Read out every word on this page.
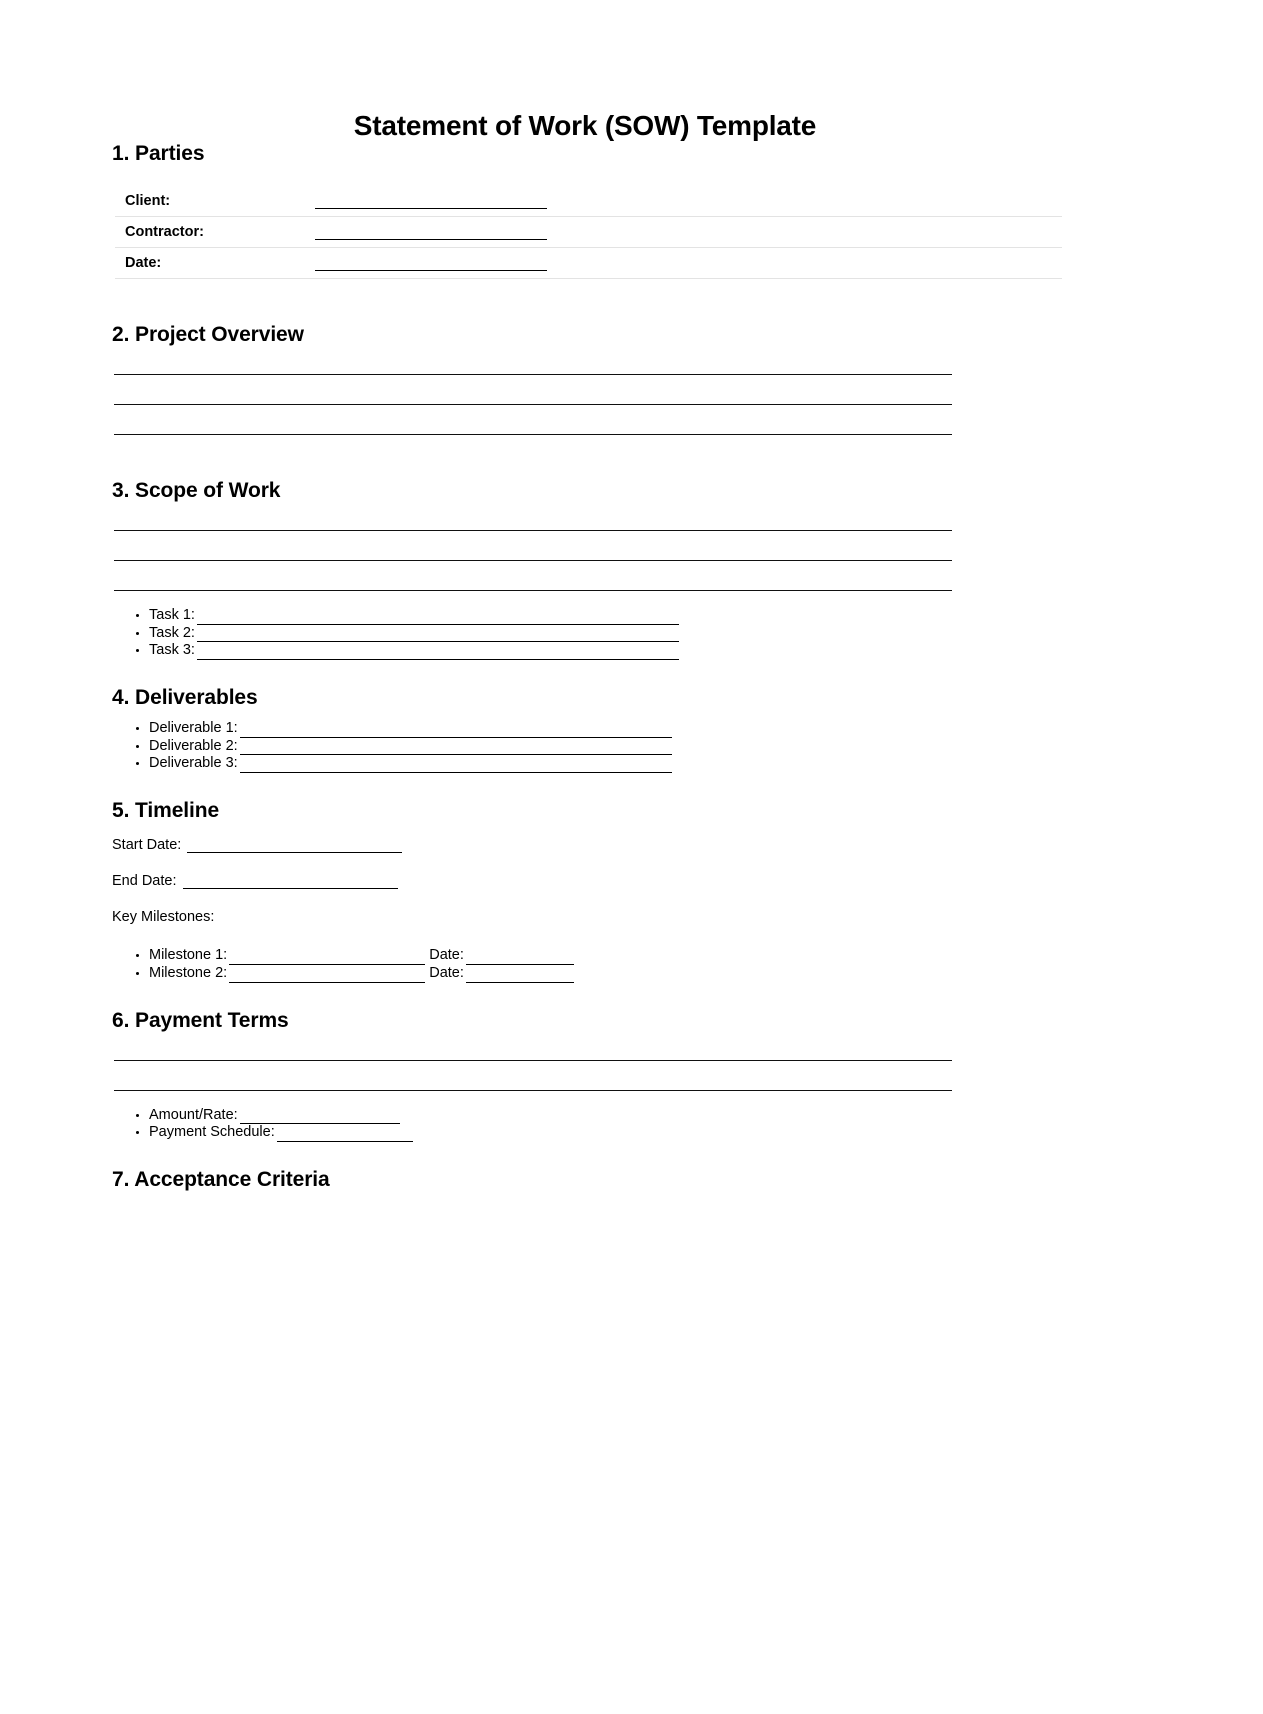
Statement of Work (SOW) Template
1. Parties
Client:	
Contractor:	
Date:	
2. Project Overview
3. Scope of Work
• Task 1:
• Task 2:
• Task 3:
4. Deliverables
• Deliverable 1:
• Deliverable 2:
• Deliverable 3:
5. Timeline
Start Date:
End Date:
Key Milestones:
• Milestone 1:	Date:
• Milestone 2:	Date:
6. Payment Terms
• Amount/Rate:
• Payment Schedule:
7. Acceptance Criteria
